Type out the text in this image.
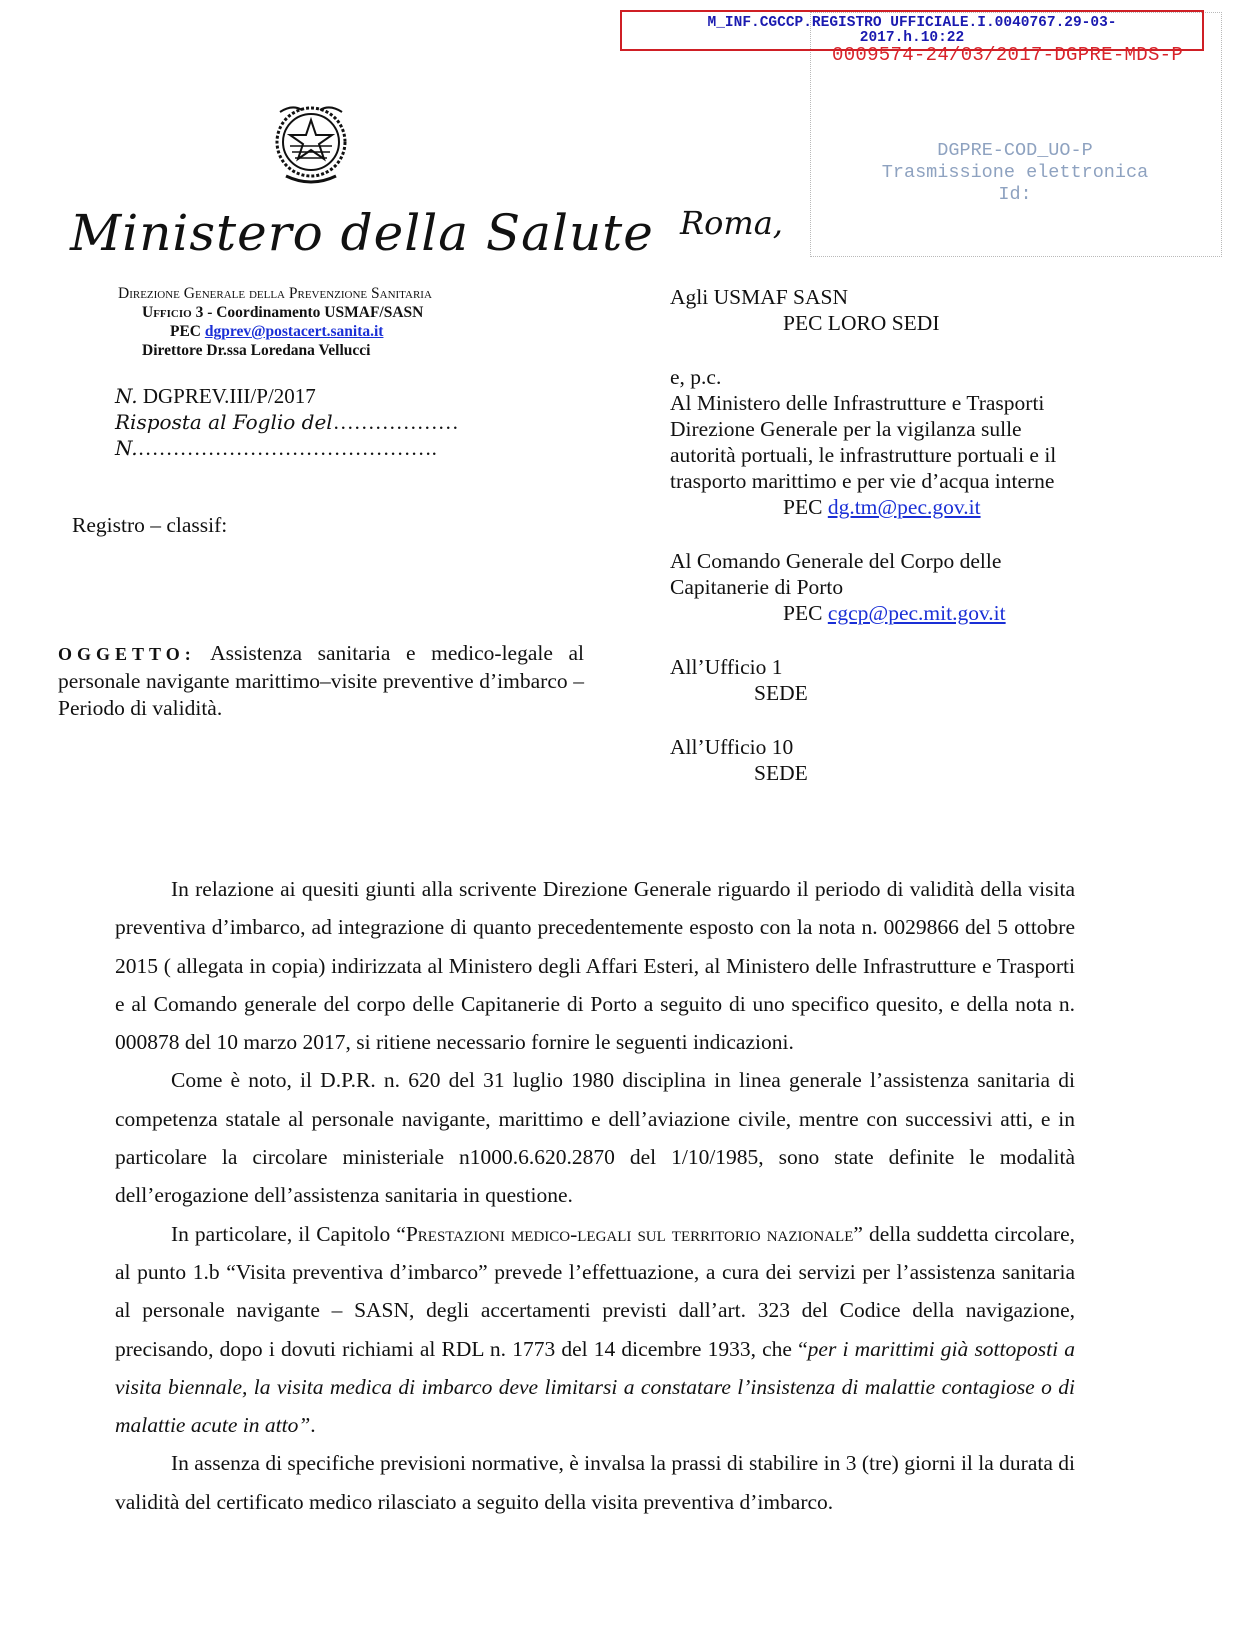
M_INF.CGCCP.REGISTRO UFFICIALE.I.0040767.29-03-
2017.h.10:22
0009574-24/03/2017-DGPRE-MDS-P
DGPRE-COD_UO-P
Trasmissione elettronica
Id:
Ministero della Salute Roma,
Direzione Generale della Prevenzione Sanitaria
Ufficio 3 - Coordinamento USMAF/SASN
PEC dgprev@postacert.sanita.it
Direttore Dr.ssa Loredana Vellucci
N. DGPREV.III/P/2017
Risposta al Foglio del………………
N.…………………………………….
Registro – classif:
OGGETTO: Assistenza sanitaria e medico-legale al personale navigante marittimo–visite preventive d’imbarco – Periodo di validità.
Agli USMAF SASN
PEC LORO SEDI
e, p.c.
Al Ministero delle Infrastrutture e Trasporti
Direzione Generale per la vigilanza sulle
autorità portuali, le infrastrutture portuali e il
trasporto marittimo e per vie d’acqua interne
PEC dg.tm@pec.gov.it
Al Comando Generale del Corpo delle
Capitanerie di Porto
PEC cgcp@pec.mit.gov.it
All’Ufficio 1
SEDE
All’Ufficio 10
SEDE

In relazione ai quesiti giunti alla scrivente Direzione Generale riguardo il periodo di validità della visita preventiva d’imbarco, ad integrazione di quanto precedentemente esposto con la nota n. 0029866 del 5 ottobre 2015 ( allegata in copia) indirizzata al Ministero degli Affari Esteri, al Ministero delle Infrastrutture e Trasporti e al Comando generale del corpo delle Capitanerie di Porto a seguito di uno specifico quesito, e della nota n. 000878 del 10 marzo 2017, si ritiene necessario fornire le seguenti indicazioni.

Come è noto, il D.P.R. n. 620 del 31 luglio 1980 disciplina in linea generale l’assistenza sanitaria di competenza statale al personale navigante, marittimo e dell’aviazione civile, mentre con successivi atti, e in particolare la circolare ministeriale n1000.6.620.2870 del 1/10/1985, sono state definite le modalità dell’erogazione dell’assistenza sanitaria in questione.

In particolare, il Capitolo “Prestazioni medico-legali sul territorio nazionale” della suddetta circolare, al punto 1.b “Visita preventiva d’imbarco” prevede l’effettuazione, a cura dei servizi per l’assistenza sanitaria al personale navigante – SASN, degli accertamenti previsti dall’art. 323 del Codice della navigazione, precisando, dopo i dovuti richiami al RDL n. 1773 del 14 dicembre 1933, che “per i marittimi già sottoposti a visita biennale, la visita medica di imbarco deve limitarsi a constatare l’insistenza di malattie contagiose o di malattie acute in atto”.

In assenza di specifiche previsioni normative, è invalsa la prassi di stabilire in 3 (tre) giorni il la durata di validità del certificato medico rilasciato a seguito della visita preventiva d’imbarco.
